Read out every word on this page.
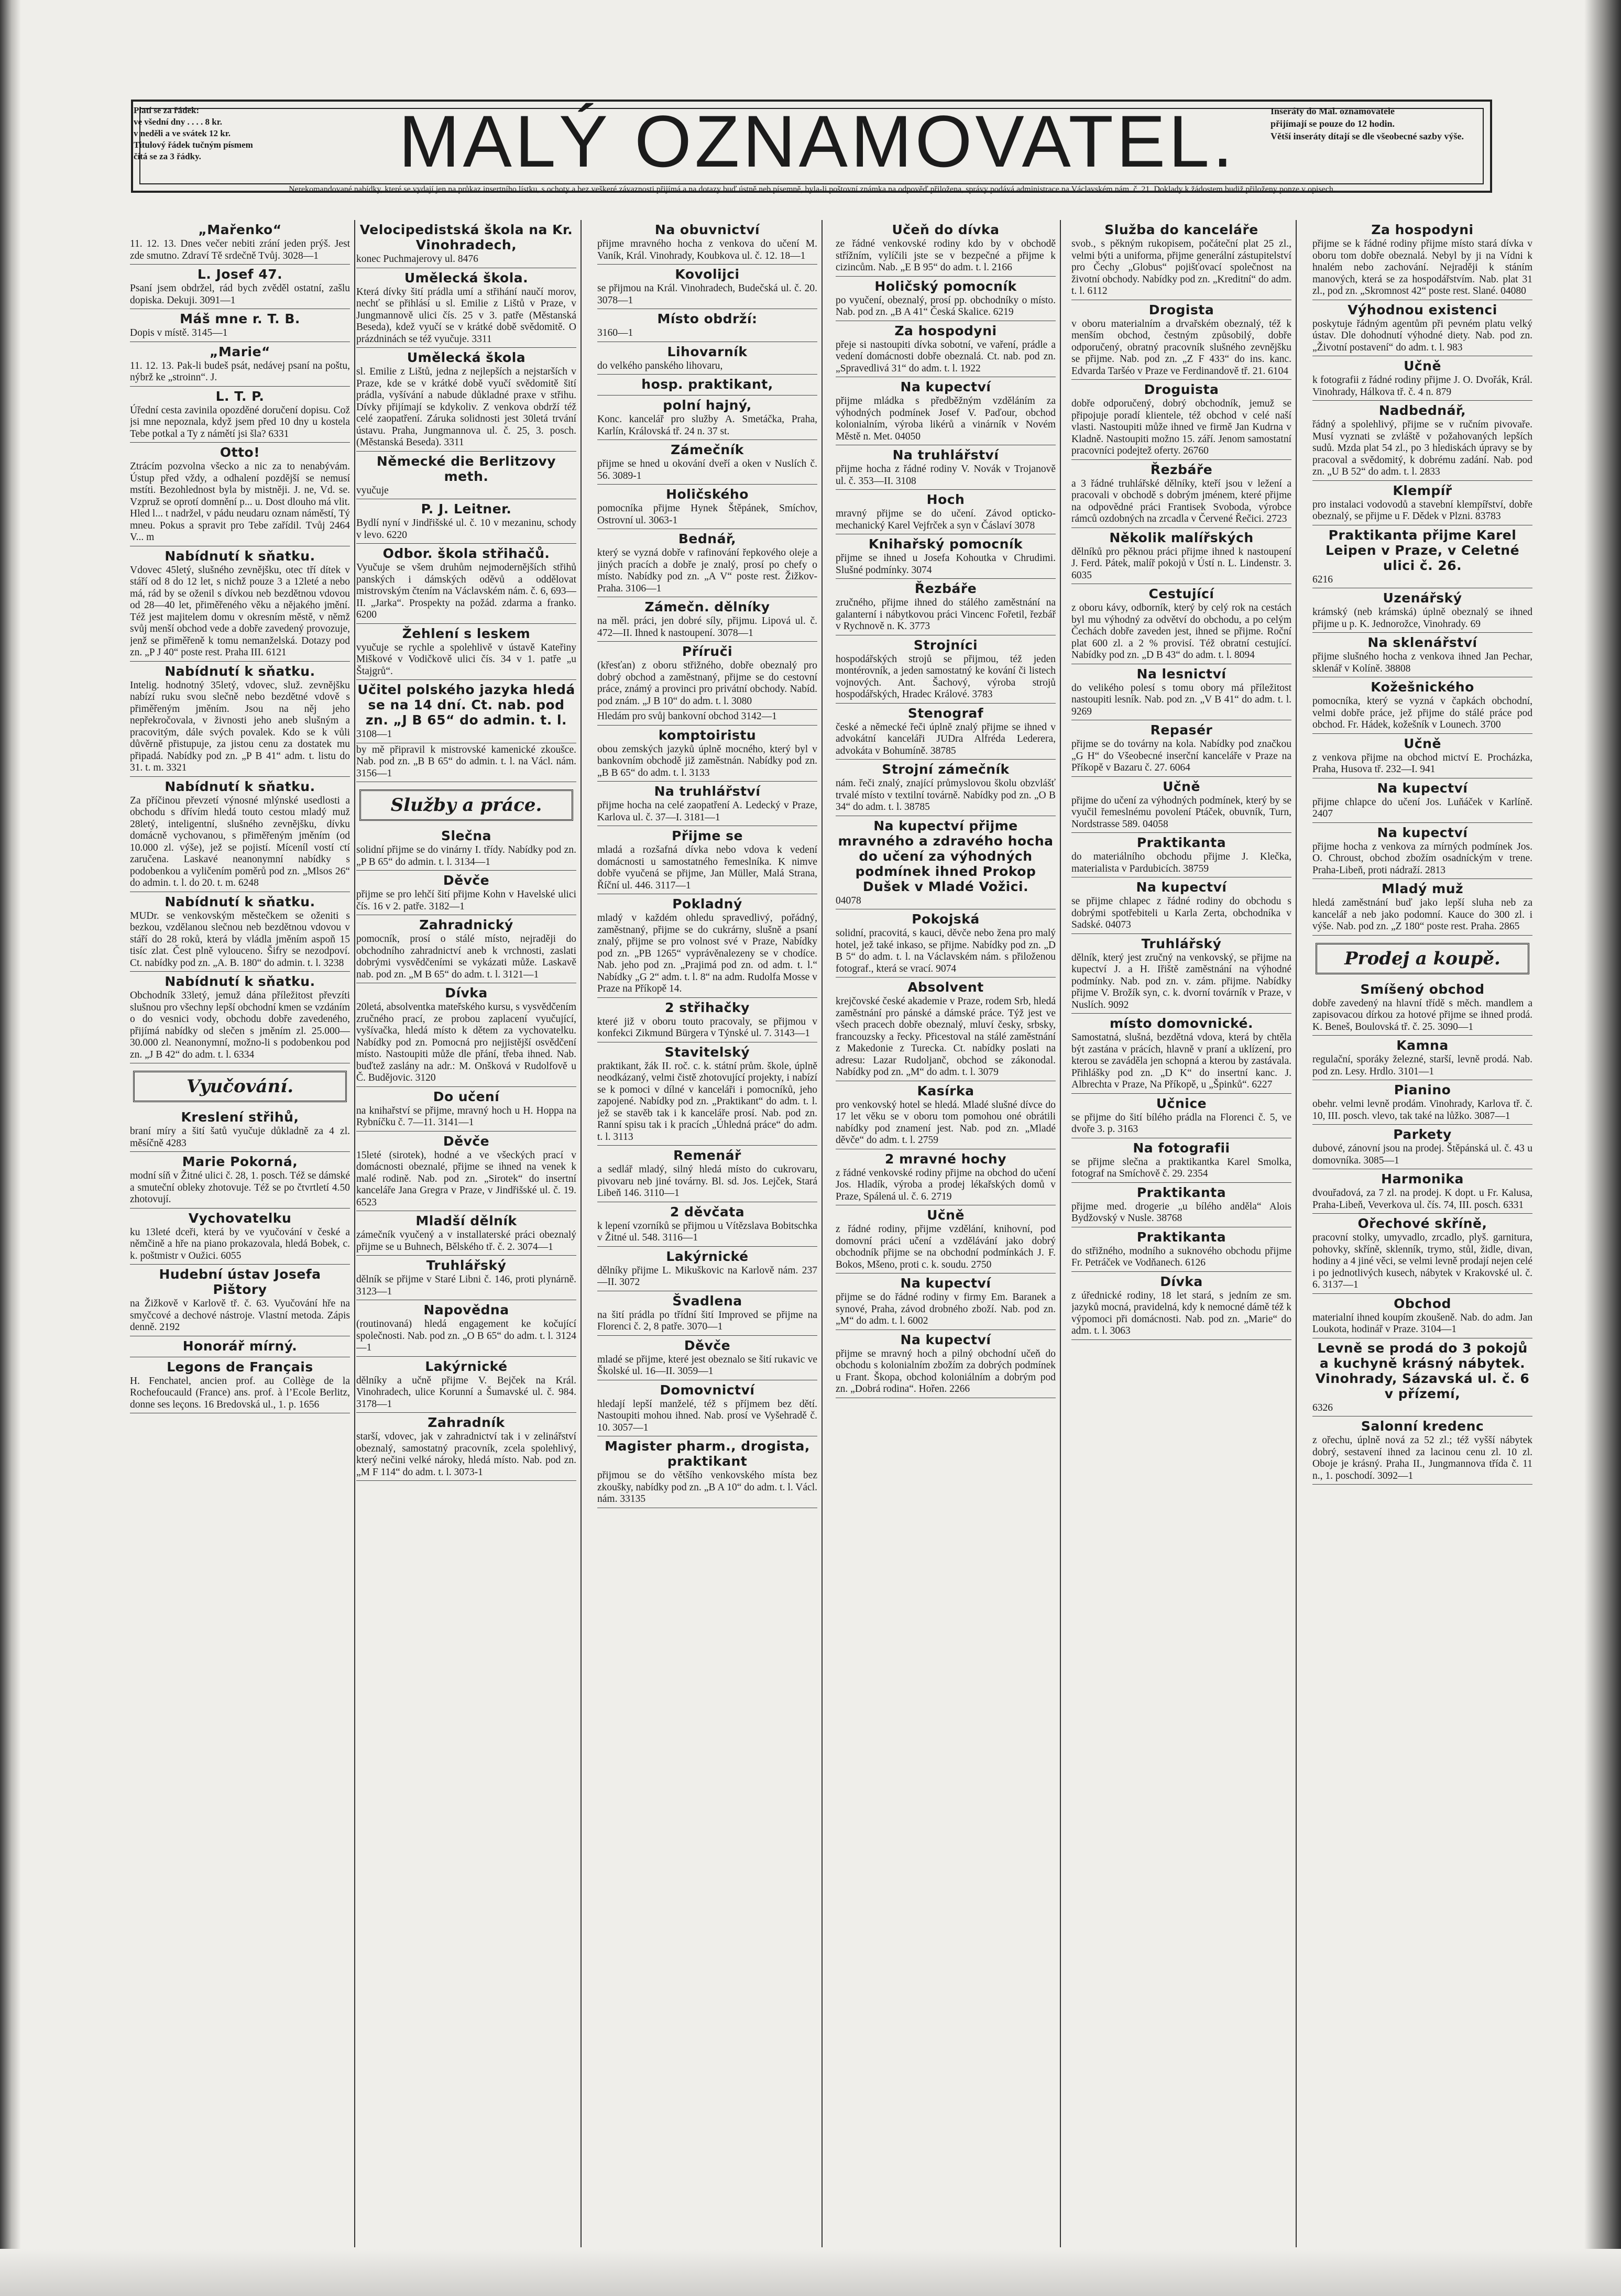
Platí se za řádek:
ve všední dny . . . . 8 kr.
v neděli a ve svátek 12 kr.
Titulový řádek tučným písmem
čítá se za 3 řádky.	MALÝ OZNAMOVATEL.	Inseráty do Mal. oznamovatele
přijímají se pouze do 12 hodin.
Větší inseráty dítají se dle všeobecné sazby výše.
Nerekomandované nabídky, které se vydají jen na průkaz insertního lístku, s ochoty a bez veškeré závaznosti přijímá a na dotazy buď ústně neb písemně, byla-li poštovní známka na odpověď přiložena, správy podává administrace na Václavském nám. č. 21. Doklady k žádostem budiž přiloženy ponze v opisech.
„Mařenko“

11. 12. 13. Dnes večer nebiti zrání jeden prýš. Jest zde smutno. Zdraví Tě srdečně Tvůj. 3028—1

L. Josef 47.

Psaní jsem obdržel, rád bych zvěděl ostatní, zašlu dopiska. Dekuji. 3091—1

Máš mne r. T. B.

Dopis v místě. 3145—1

„Marie“

11. 12. 13. Pak-li budeš psát, nedávej psaní na poštu, nýbrž ke „stroinn“. J.

L. T. P.

Úřední cesta zavinila opozděné doručení dopisu. Což jsi mne nepoznala, když jsem před 10 dny u kostela Tebe potkal a Ty z námětí jsi šla? 6331

Otto!

Ztrácím pozvolna všecko a nic za to nenabývám. Ústup před vždy, a odhalení pozdější se nemusí mstíti. Bezohlednost byla by mistněji. J. ne, Vd. se. Vzpruž se oprotí domnění p... u. Dost dlouho má vlit. Hled l... t nadržel, v pádu neudaru oznam náměstí, Tý mneu. Pokus a spravit pro Tebe zařídil. Tvůj 2464 V... m

Nabídnutí k sňatku.

Vdovec 45letý, slušného zevnějšku, otec tří dítek v stáří od 8 do 12 let, s nichž pouze 3 a 12leté a nebo má, rád by se oženil s dívkou neb bezdětnou vdovou od 28—40 let, přiměřeného věku a nějakého jmění. Též jest majitelem domu v okresním městě, v němž svůj menší obchod vede a dobře zavedený provozuje, jenž se přiměřeně k tomu nemanželská. Dotazy pod zn. „P J 40“ poste rest. Praha III. 6121

Nabídnutí k sňatku.

Intelig. hodnotný 35letý, vdovec, služ. zevnějšku nabízí ruku svou slečně nebo bezdětné vdově s přiměřeným jměním. Jsou na něj jeho nepřekročovala, v živnosti jeho aneb slušným a pracovitým, dále svých povalek. Kdo se k vůli důvěrně přistupuje, za jistou cenu za dostatek mu připadá. Nabídky pod zn. „P B 41“ adm. t. listu do 31. t. m. 3321

Nabídnutí k sňatku.

Za příčinou převzetí výnosné mlýnské usedlosti a obchodu s dřívím hledá touto cestou mladý muž 28letý, inteligentní, slušného zevnějšku, dívku domácně vychovanou, s přiměřeným jměním (od 10.000 zl. výše), jež se pojistí. Míceníl vostí ctí zaručena. Laskavé neanonymní nabídky s podobenkou a vyličením poměrů pod zn. „Mlsos 26“ do admin. t. l. do 20. t. m. 6248

Nabídnutí k sňatku.

MUDr. se venkovským městečkem se oženiti s bezkou, vzdělanou slečnou neb bezdětnou vdovou v stáří do 28 roků, která by vládla jměním aspoň 15 tisíc zlat. Čest plně vylouceno. Šifry se nezodpoví. Ct. nabídky pod zn. „A. B. 180“ do admin. t. l. 3238

Nabídnutí k sňatku.

Obchodník 33letý, jemuž dána příležitost převzíti slušnou pro všechny lepší obchodní kmen se vzdáním o do vesnici vody, obchodu dobře zavedeného, přijímá nabídky od slečen s jměním zl. 25.000—30.000 zl. Neanonymní, možno-li s podobenkou pod zn. „J B 42“ do adm. t. l. 6334

Vyučování.
Kreslení střihů,

braní míry a šití šatů vyučuje důkladně za 4 zl. měsíčně 4283

Marie Pokorná,

modní síň v Žitné ulici č. 28, 1. posch. Též se dámské a smuteční obleky zhotovuje. Též se po čtvrtletí 4.50 zhotovují.

Vychovatelku

ku 13leté dceři, která by ve vyučování v české a němčině a hře na piano prokazovala, hledá Bobek, c. k. poštmistr v Oužici. 6055

Hudební ústav Josefa Pištory

na Žižkově v Karlově tř. č. 63. Vyučování hře na smyčcové a dechové nástroje. Vlastní metoda. Zápis denně. 2192

Honorář mírný.
Legons de Français

H. Fenchatel, ancien prof. au Collège de la Rochefoucauld (France) ans. prof. à l’Ecole Berlitz, donne ses leçons. 16 Bredovská ul., 1. p. 1656

Velocipedistská škola na Kr. Vinohradech,

konec Puchmajerovy ul. 8476

Umělecká škola.

Která dívky šití prádla umí a střihání naučí morov, nechť se přihlásí u sl. Emilie z Lištů v Praze, v Jungmannově ulici čís. 25 v 3. patře (Městanská Beseda), kdež vyučí se v krátké době svědomitě. O prázdninách se též vyučuje. 3311

Umělecká škola

sl. Emilie z Lištů, jedna z nejlepších a nejstarších v Praze, kde se v krátké době vyučí svědomitě šití prádla, vyšívání a nabude důkladné praxe v střihu. Dívky přijímají se kdykoliv. Z venkova obdrží též celé zaopatření. Záruka solidnosti jest 30letá trvání ústavu. Praha, Jungmannova ul. č. 25, 3. posch. (Městanská Beseda). 3311

Německé die Berlitzovy meth.

vyučuje

P. J. Leitner.

Bydlí nyní v Jindřišské ul. č. 10 v mezaninu, schody v levo. 6220

Odbor. škola střihačů.

Vyučuje se všem druhům nejmodernějších střihů panských i dámských oděvů a oddělovat mistrovským čtením na Václavském nám. č. 6, 693—II. „Jarka“. Prospekty na požád. zdarma a franko. 6200

Žehlení s leskem

vyučuje se rychle a spolehlivě v ústavě Kateřiny Miškové v Vodičkově ulici čís. 34 v 1. patře „u Štajgrů“.

Učitel polského jazyka hledá se na 14 dní. Ct. nab. pod zn. „J B 65“ do admin. t. l.

3108—1

by mě připravil k mistrovské kamenické zkoušce. Nab. pod zn. „B B 65“ do admin. t. l. na Václ. nám. 3156—1

Služby a práce.
Slečna

solidní přijme se do vinárny I. třídy. Nabídky pod zn. „P B 65“ do admin. t. l. 3134—1

Děvče

přijme se pro lehčí šití přijme Kohn v Havelské ulici čís. 16 v 2. patře. 3182—1

Zahradnický

pomocník, prosí o stálé místo, nejraději do obchodního zahradnictví aneb k vrchnosti, zaslati dobrými vysvědčeními se vykázati může. Laskavě nab. pod zn. „M B 65“ do adm. t. l. 3121—1

Dívka

20letá, absolventka mateřského kursu, s vysvědčením zručného prací, ze probou zaplacení vyučující, vyšívačka, hledá místo k dětem za vychovatelku. Nabídky pod zn. Pomocná pro nejjistější osvědčení místo. Nastoupiti může dle přání, třeba ihned. Nab. buďtež zaslány na adr.: M. Onšková v Rudolfově u Č. Budějovic. 3120

Do učení

na knihařství se přijme, mravný hoch u H. Hoppa na Rybníčku č. 7—11. 3141—1

Děvče

15leté (sirotek), hodné a ve všeckých prací v domácnosti obeznalé, přijme se ihned na venek k malé rodině. Nab. pod zn. „Sirotek“ do insertní kanceláře Jana Gregra v Praze, v Jindřišské ul. č. 19. 6523

Mladší dělník

zámečník vyučený a v installaterské práci obeznalý přijme se u Buhnech, Bělského tř. č. 2. 3074—1

Truhlářský

dělník se přijme v Staré Libni č. 146, proti plynárně. 3123—1

Napovědna

(routinovaná) hledá engagement ke kočující společnosti. Nab. pod zn. „O B 65“ do adm. t. l. 3124—1

Lakýrnické

dělníky a učně přijme V. Bejček na Král. Vinohradech, ulice Korunní a Šumavské ul. č. 984. 3178—1

Zahradník

starší, vdovec, jak v zahradnictví tak i v zelinářství obeznalý, samostatný pracovník, zcela spolehlivý, který nečini velké nároky, hledá místo. Nab. pod zn. „M F 114“ do adm. t. l. 3073-1

Na obuvnictví

přijme mravného hocha z venkova do učení M. Vaník, Král. Vinohrady, Koubkova ul. č. 12. 18—1

Kovolijci

se přijmou na Král. Vinohradech, Budečská ul. č. 20. 3078—1

Místo obdrží:

3160—1

Lihovarník

do velkého panského lihovaru,

hosp. praktikant,
polní hajný,

Konc. kancelář pro služby A. Smetáčka, Praha, Karlín, Královská tř. 24 n. 37 st.

Zámečník

přijme se hned u okování dveří a oken v Nuslích č. 56. 3089-1

Holičského

pomocníka přijme Hynek Štěpánek, Smíchov, Ostrovní ul. 3063-1

Bednář,

který se vyzná dobře v rafinování řepkového oleje a jiných pracích a dobře je znalý, prosí po chefy o místo. Nabídky pod zn. „A V“ poste rest. Žižkov-Praha. 3106—1

Zámečn. dělníky

na měl. práci, jen dobré síly, přijmu. Lipová ul. č. 472—II. Ihned k nastoupení. 3078—1

Příruči

(křesťan) z oboru střižného, dobře obeznalý pro dobrý obchod a zaměstnaný, přijme se do cestovní práce, známý a provinci pro privátní obchody. Nabíd. pod znám. „J B 10“ do adm. t. l. 3080

Hledám pro svůj bankovní obchod 3142—1

komptoiristu

obou zemských jazyků úplně mocného, který byl v bankovním obchodě již zaměstnán. Nabídky pod zn. „B B 65“ do adm. t. l. 3133

Na truhlářství

přijme hocha na celé zaopatření A. Ledecký v Praze, Karlova ul. č. 37—I. 3181—1

Přijme se

mladá a rozšafná dívka nebo vdova k vedení domácnosti u samostatného řemeslníka. K nimve dobře vyučená se přijme, Jan Müller, Malá Strana, Říční ul. 446. 3117—1

Pokladný

mladý v každém ohledu spravedlivý, pořádný, zaměstnaný, přijme se do cukrárny, slušně a psaní znalý, přijme se pro volnost své v Praze, Nabídky pod zn. „PB 1265“ vyprávěnalezeny se v chodíce. Nab. jeho pod zn. „Prajimá pod zn. od adm. t. l.“ Nabídky „G 2“ adm. t. l. 8“ na adm. Rudolfa Mosse v Praze na Příkopě 14.

2 střihačky

které již v oboru touto pracovaly, se přijmou v konfekci Zikmund Bürgera v Týnské ul. 7. 3143—1

Stavitelský

praktikant, žák II. roč. c. k. státní prům. škole, úplně neodkázaný, velmi čistě zhotovující projekty, i nabízí se k pomoci v dílné v kanceláři i pomocníků, jeho zapojené. Nabídky pod zn. „Praktikant“ do adm. t. l. jež se stavěb tak i k kanceláře prosí. Nab. pod zn. Ranní spisu tak i k pracích „Úhledná práce“ do adm. t. l. 3113

Remenář

a sedlář mladý, silný hledá místo do cukrovaru, pivovaru neb jiné továrny. Bl. sd. Jos. Lejček, Stará Libeň 146. 3110—1

2 děvčata

k lepení vzorníků se přijmou u Vítězslava Bobitschka v Žitné ul. 548. 3116—1

Lakýrnické

dělníky přijme L. Mikuškovic na Karlově nám. 237—II. 3072

Švadlena

na šití prádla po třídní šití Improved se přijme na Florenci č. 2, 8 patře. 3070—1

Děvče

mladé se přijme, které jest obeznalo se šití rukavic ve Školské ul. 16—II. 3059—1

Domovnictví

hledají lepší manželé, též s příjmem bez dětí. Nastoupiti mohou ihned. Nab. prosí ve Vyšehradě č. 10. 3057—1

Magister pharm., drogista, praktikant

přijmou se do většího venkovského místa bez zkoušky, nabídky pod zn. „B A 10“ do adm. t. l. Václ. nám. 33135

Učeň do dívka

ze řádné venkovské rodiny kdo by v obchodě střížním, vylíčili jste se v bezpečné a přijme k cizincům. Nab. „E B 95“ do adm. t. l. 2166

Holičský pomocník

po vyučení, obeznalý, prosí pp. obchodníky o místo. Nab. pod zn. „B A 41“ Česká Skalice. 6219

Za hospodyni

přeje si nastoupiti dívka sobotní, ve vaření, prádle a vedení domácnosti dobře obeznalá. Ct. nab. pod zn. „Spravedlivá 31“ do adm. t. l. 1922

Na kupectví

přijme mládka s předběžným vzděláním za výhodných podmínek Josef V. Paďour, obchod kolonialním, výroba likérů a vinárník v Novém Městě n. Met. 04050

Na truhlářství

přijme hocha z řádné rodiny V. Novák v Trojanově ul. č. 353—II. 3108

Hoch

mravný přijme se do učení. Závod opticko-mechanický Karel Vejfrček a syn v Čáslaví 3078

Knihařský pomocník

přijme se ihned u Josefa Kohoutka v Chrudimi. Slušné podmínky. 3074

Řezbáře

zručného, přijme ihned do stálého zaměstnání na galanterní i nábytkovou práci Vincenc Fořetil, řezbář v Rychnově n. K. 3773

Strojníci

hospodářských strojů se přijmou, též jeden montérovník, a jeden samostatný ke kování či listech vojnových. Ant. Šachový, výroba strojů hospodářských, Hradec Králové. 3783

Stenograf

české a německé řeči úplně znalý přijme se ihned v advokátní kanceláři JUDra Alfréda Lederera, advokáta v Bohumíně. 38785

Strojní zámečník

nám. řeči znalý, znající průmyslovou školu obzvlášť trvalé místo v textilní továrně. Nabídky pod zn. „O B 34“ do adm. t. l. 38785

Na kupectví přijme mravného a zdravého hocha do učení za výhodných podmínek ihned Prokop Dušek v Mladé Vožici.

04078

Pokojská

solidní, pracovitá, s kauci, děvče nebo žena pro malý hotel, jež také inkaso, se přijme. Nabídky pod zn. „D B 5“ do adm. t. l. na Václavském nám. s přiloženou fotograf., která se vrací. 9074

Absolvent

krejčovské české akademie v Praze, rodem Srb, hledá zaměstnání pro pánské a dámské práce. Týž jest ve všech pracech dobře obeznalý, mluví česky, srbsky, francouzsky a řecky. Přicestoval na stálé zaměstnání z Makedonie z Turecka. Ct. nabídky poslati na adresu: Lazar Rudoljanč, obchod se zákonodal. Nabídky pod zn. „M“ do adm. t. l. 3079

Kasírka

pro venkovský hotel se hledá. Mladé slušné dívce do 17 let věku se v oboru tom pomohou oné obrátili nabídky pod znamení jest. Nab. pod zn. „Mladé děvče“ do adm. t. l. 2759

2 mravné hochy

z řádné venkovské rodiny přijme na obchod do učení Jos. Hladík, výroba a prodej lékařských domů v Praze, Spálená ul. č. 6. 2719

Učně

z řádné rodiny, přijme vzdělání, knihovní, pod domovní práci učení a vzdělávání jako dobrý obchodník přijme se na obchodní podmínkách J. F. Bokos, Mšeno, proti c. k. soudu. 2750

Na kupectví

přijme se do řádné rodiny v firmy Em. Baranek a synové, Praha, závod drobného zboží. Nab. pod zn. „M“ do adm. t. l. 6002

Na kupectví

přijme se mravný hoch a pilný obchodní učeň do obchodu s kolonialním zbožím za dobrých podmínek u Frant. Škopa, obchod koloniálním a dobrým pod zn. „Dobrá rodina“. Hořen. 2266

Služba do kanceláře

svob., s pěkným rukopisem, počáteční plat 25 zl., velmi býti a uniforma, přijme generální zástupitelství pro Čechy „Globus“ pojišťovací společnost na životní obchody. Nabídky pod zn. „Kreditní“ do adm. t. l. 6112

Drogista

v oboru materialním a drvařském obeznalý, též k menším obchod, čestným způsobilý, dobře odporučený, obratný pracovník slušného zevnějšku se přijme. Nab. pod zn. „Z F 433“ do ins. kanc. Edvarda Taršéo v Praze ve Ferdinandově tř. 21. 6104

Droguista

dobře odporučený, dobrý obchodník, jemuž se připojuje poradí klientele, též obchod v celé naší vlasti. Nastoupiti může ihned ve firmě Jan Kudrna v Kladně. Nastoupiti možno 15. září. Jenom samostatní pracovníci podejtež oferty. 26760

Řezbáře

a 3 řádné truhlářské dělníky, kteří jsou v ležení a pracovali v obchodě s dobrým jménem, které přijme na odpovědné práci Frantisek Svoboda, výrobce rámců ozdobných na zrcadla v Červené Řečici. 2723

Několik malířských

dělníků pro pěknou práci přijme ihned k nastoupení J. Ferd. Pátek, malíř pokojů v Ústí n. L. Lindenstr. 3. 6035

Cestující

z oboru kávy, odborník, který by celý rok na cestách byl mu výhodný za odvětví do obchodu, a po celým Čechách dobře zaveden jest, ihned se přijme. Roční plat 600 zl. a 2 % provisí. Též obratní cestující. Nabídky pod zn. „D B 43“ do adm. t. l. 8094

Na lesnictví

do velikého polesí s tomu obory má příležitost nastoupiti lesník. Nab. pod zn. „V B 41“ do adm. t. l. 9269

Repasér

přijme se do továrny na kola. Nabídky pod značkou „G H“ do Všeobecné inserční kanceláře v Praze na Příkopě v Bazaru č. 27. 6064

Učně

přijme do učení za výhodných podmínek, který by se vyučil řemeslnému povolení Ptáček, obuvník, Turn, Nordstrasse 589. 04058

Praktikanta

do materiálního obchodu přijme J. Klečka, materialista v Pardubicích. 38759

Na kupectví

se přijme chlapec z řádné rodiny do obchodu s dobrými spotřebiteli u Karla Zerta, obchodníka v Sadské. 04073

Truhlářský

dělník, který jest zručný na venkovský, se přijme na kupectví J. a H. Iřiště zaměstnání na výhodné podmínky. Nab. pod zn. v. zám. přijme. Nabídky přijme V. Brožík syn, c. k. dvorní továrník v Praze, v Nuslích. 9092

místo domovnické.

Samostatná, slušná, bezdětná vdova, která by chtěla být zastána v prácích, hlavně v praní a uklízení, pro kterou se zaváděla jen schopná a kterou by zastávala. Přihlášky pod zn. „D K“ do insertní kanc. J. Albrechta v Praze, Na Příkopě, u „Špinků“. 6227

Učnice

se přijme do šití bílého prádla na Florenci č. 5, ve dvoře 3. p. 3163

Na fotografii

se přijme slečna a praktikantka Karel Smolka, fotograf na Smíchově č. 29. 2354

Praktikanta

přijme med. drogerie „u bílého anděla“ Alois Bydžovský v Nusle. 38768

Praktikanta

do střižného, modního a suknového obchodu přijme Fr. Petráček ve Vodňanech. 6126

Dívka

z úřednické rodiny, 18 let stará, s jedním ze sm. jazyků mocná, pravidelná, kdy k nemocné dámě též k výpomoci při domácnosti. Nab. pod zn. „Marie“ do adm. t. l. 3063

Za hospodyni

přijme se k řádné rodiny přijme místo stará dívka v oboru tom dobře obeznalá. Nebyl by ji na Vídni k hnalém nebo zachování. Nejraději k stáním manových, která se za hospodářstvím. Nab. plat 31 zl., pod zn. „Skromnost 42“ poste rest. Slané. 04080

Výhodnou existenci

poskytuje řádným agentům při pevném platu velký ústav. Dle dohodnutí výhodné diety. Nab. pod zn. „Životní postavení“ do adm. t. l. 983

Učně

k fotografii z řádné rodiny přijme J. O. Dvořák, Král. Vinohrady, Hálkova tř. č. 4 n. 879

Nadbednář,

řádný a spolehlivý, přijme se v ručním pivovaře. Musí vyznati se zvláště v požahovaných lepších sudů. Mzda plat 54 zl., po 3 hlediskách úpravy se by pracoval a svědomitý, k dobrému zadání. Nab. pod zn. „U B 52“ do adm. t. l. 2833

Klempíř

pro instalaci vodovodů a stavební klempířství, dobře obeznalý, se přijme u F. Dědek v Plzni. 83783

Praktikanta přijme Karel Leipen v Praze, v Celetné ulici č. 26.

6216

Uzenářský

krámský (neb krámská) úplně obeznalý se ihned přijme u p. K. Jednorožce, Vinohrady. 69

Na sklenářství

přijme slušného hocha z venkova ihned Jan Pechar, sklenář v Kolíně. 38808

Kožešnického

pomocníka, který se vyzná v čapkách obchodní, velmi dobře práce, jež přijme do stálé práce pod obchod. Fr. Hádek, kožešník v Lounech. 3700

Učně

z venkova přijme na obchod mictví E. Procházka, Praha, Husova tř. 232—I. 941

Na kupectví

přijme chlapce do učení Jos. Luňáček v Karlíně. 2407

Na kupectví

přijme hocha z venkova za mírných podmínek Jos. O. Chroust, obchod zbožím osadníckým v trene. Praha-Libeň, proti nádraží. 2813

Mladý muž

hledá zaměstnání buď jako lepší sluha neb za kancelář a neb jako podomní. Kauce do 300 zl. i výše. Nab. pod zn. „Z 180“ poste rest. Praha. 2865

Prodej a koupě.
Smíšený obchod

dobře zavedený na hlavní třídě s měch. mandlem a zapisovacou dírkou za hotové přijme se ihned prodá. K. Beneš, Boulovská tř. č. 25. 3090—1

Kamna

regulační, sporáky železné, starší, levně prodá. Nab. pod zn. Lesy. Hrdlo. 3101—1

Pianino

obehr. velmi levně prodám. Vinohrady, Karlova tř. č. 10, III. posch. vlevo, tak také na lůžko. 3087—1

Parkety

dubové, zánovní jsou na prodej. Štěpánská ul. č. 43 u domovníka. 3085—1

Harmonika

dvouřadová, za 7 zl. na prodej. K dopt. u Fr. Kalusa, Praha-Libeň, Veverkova ul. čís. 74, III. posch. 6331

Ořechové skříně,

pracovní stolky, umyvadlo, zrcadlo, plyš. garnitura, pohovky, skříně, sklenník, trymo, stůl, židle, divan, hodiny a 4 jiné věci, se velmi levně prodají nejen celé i po jednotlivých kusech, nábytek v Krakovské ul. č. 6. 3137—1

Obchod

materialní ihned koupím zkoušeně. Nab. do adm. Jan Loukota, hodinář v Praze. 3104—1

Levně se prodá do 3 pokojů a kuchyně krásný nábytek. Vinohrady, Sázavská ul. č. 6 v přízemí,

6326

Salonní kredenc

z ořechu, úplně nová za 52 zl.; též vyšší nábytek dobrý, sestavení ihned za lacinou cenu zl. 10 zl. Oboje je krásný. Praha II., Jungmannova třída č. 11 n., 1. poschodí. 3092—1
